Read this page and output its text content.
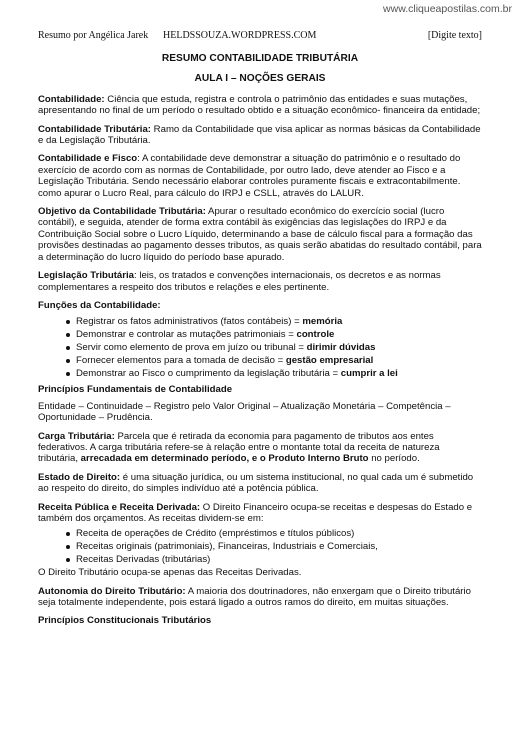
www.cliqueapostilas.com.br
Resumo por Angélica Jarek HELDSSOUZA.WORDPRESS.COM	[Digite texto]
RESUMO CONTABILIDADE TRIBUTÁRIA
AULA I – NOÇÕES GERAIS

Contabilidade: Ciência que estuda, registra e controla o patrimônio das entidades e suas mutações, apresentando no final de um período o resultado obtido e a situação econômico- financeira da entidade;

Contabilidade Tributária: Ramo da Contabilidade que visa aplicar as normas básicas da Contabilidade e da Legislação Tributária.

Contabilidade e Fisco: A contabilidade deve demonstrar a situação do patrimônio e o resultado do exercício de acordo com as normas de Contabilidade, por outro lado, deve atender ao Fisco e a Legislação Tributária. Sendo necessário elaborar controles puramente fiscais e extracontabilmente. como apurar o Lucro Real, para cálculo do IRPJ e CSLL, através do LALUR.

Objetivo da Contabilidade Tributária: Apurar o resultado econômico do exercício social (lucro contábil), e seguida, atender de forma extra contábil às exigências das legislações do IRPJ e da Contribuição Social sobre o Lucro Líquido, determinando a base de cálculo fiscal para a formação das provisões destinadas ao pagamento desses tributos, as quais serão abatidas do resultado contábil, para a determinação do lucro líquido do período base apurado.

Legislação Tributária: leis, os tratados e convenções internacionais, os decretos e as normas complementares a respeito dos tributos e relações e eles pertinente.

Funções da Contabilidade:
Registrar os fatos administrativos (fatos contábeis) = memória
Demonstrar e controlar as mutações patrimoniais = controle
Servir como elemento de prova em juízo ou tribunal = dirimir dúvidas
Fornecer elementos para a tomada de decisão = gestão empresarial
Demonstrar ao Fisco o cumprimento da legislação tributária = cumprir a lei
Princípios Fundamentais de Contabilidade

Entidade – Continuidade – Registro pelo Valor Original – Atualização Monetária – Competência – Oportunidade – Prudência.

Carga Tributária: Parcela que é retirada da economia para pagamento de tributos aos entes federativos. A carga tributária refere-se à relação entre o montante total da receita de natureza tributária, arrecadada em determinado período, e o Produto Interno Bruto no período.

Estado de Direito: é uma situação jurídica, ou um sistema institucional, no qual cada um é submetido ao respeito do direito, do simples indivíduo até a potência pública.

Receita Pública e Receita Derivada: O Direito Financeiro ocupa-se receitas e despesas do Estado e também dos orçamentos. As receitas dividem-se em:

Receita de operações de Crédito (empréstimos e títulos públicos)
Receitas originais (patrimoniais), Financeiras, Industriais e Comerciais,
Receitas Derivadas (tributárias)

O Direito Tributário ocupa-se apenas das Receitas Derivadas.

Autonomia do Direito Tributário: A maioria dos doutrinadores, não enxergam que o Direito tributário seja totalmente independente, pois estará ligado a outros ramos do direito, em muitas situações.

Princípios Constitucionais Tributários
